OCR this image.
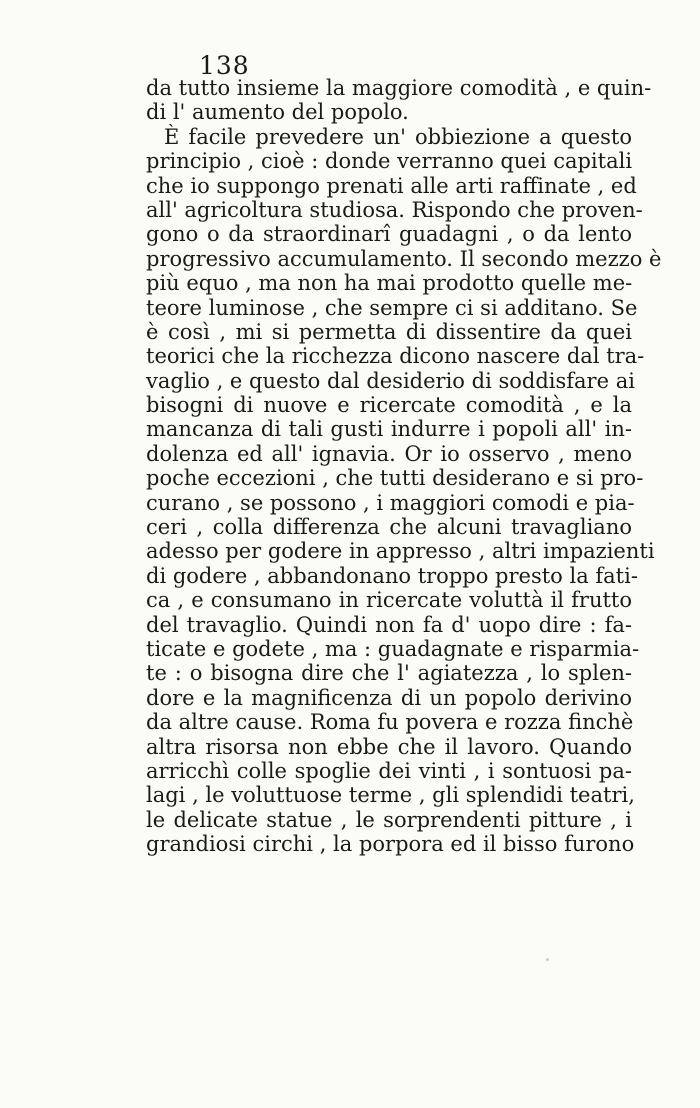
138
da tutto insieme la maggiore comodità , e quin-
di l' aumento del popolo.
È facile prevedere un' obbiezione a questo
principio , cioè : donde verranno quei capitali
che io suppongo prenati alle arti raffinate , ed
all' agricoltura studiosa. Rispondo che proven-
gono o da straordinarî guadagni , o da lento
progressivo accumulamento. Il secondo mezzo è
più equo , ma non ha mai prodotto quelle me-
teore luminose , che sempre ci si additano. Se
è così , mi si permetta di dissentire da quei
teorici che la ricchezza dicono nascere dal tra-
vaglio , e questo dal desiderio di soddisfare ai
bisogni di nuove e ricercate comodità , e la
mancanza di tali gusti indurre i popoli all' in-
dolenza ed all' ignavia. Or io osservo , meno
poche eccezioni , che tutti desiderano e si pro-
curano , se possono , i maggiori comodi e pia-
ceri , colla differenza che alcuni travagliano
adesso per godere in appresso , altri impazienti
di godere , abbandonano troppo presto la fati-
ca , e consumano in ricercate voluttà il frutto
del travaglio. Quindi non fa d' uopo dire : fa-
ticate e godete , ma : guadagnate e risparmia-
te : o bisogna dire che l' agiatezza , lo splen-
dore e la magnificenza di un popolo derivino
da altre cause. Roma fu povera e rozza finchè
altra risorsa non ebbe che il lavoro. Quando
arricchì colle spoglie dei vinti , i sontuosi pa-
lagi , le voluttuose terme , gli splendidi teatri,
le delicate statue , le sorprendenti pitture , i
grandiosi circhi , la porpora ed il bisso furono
